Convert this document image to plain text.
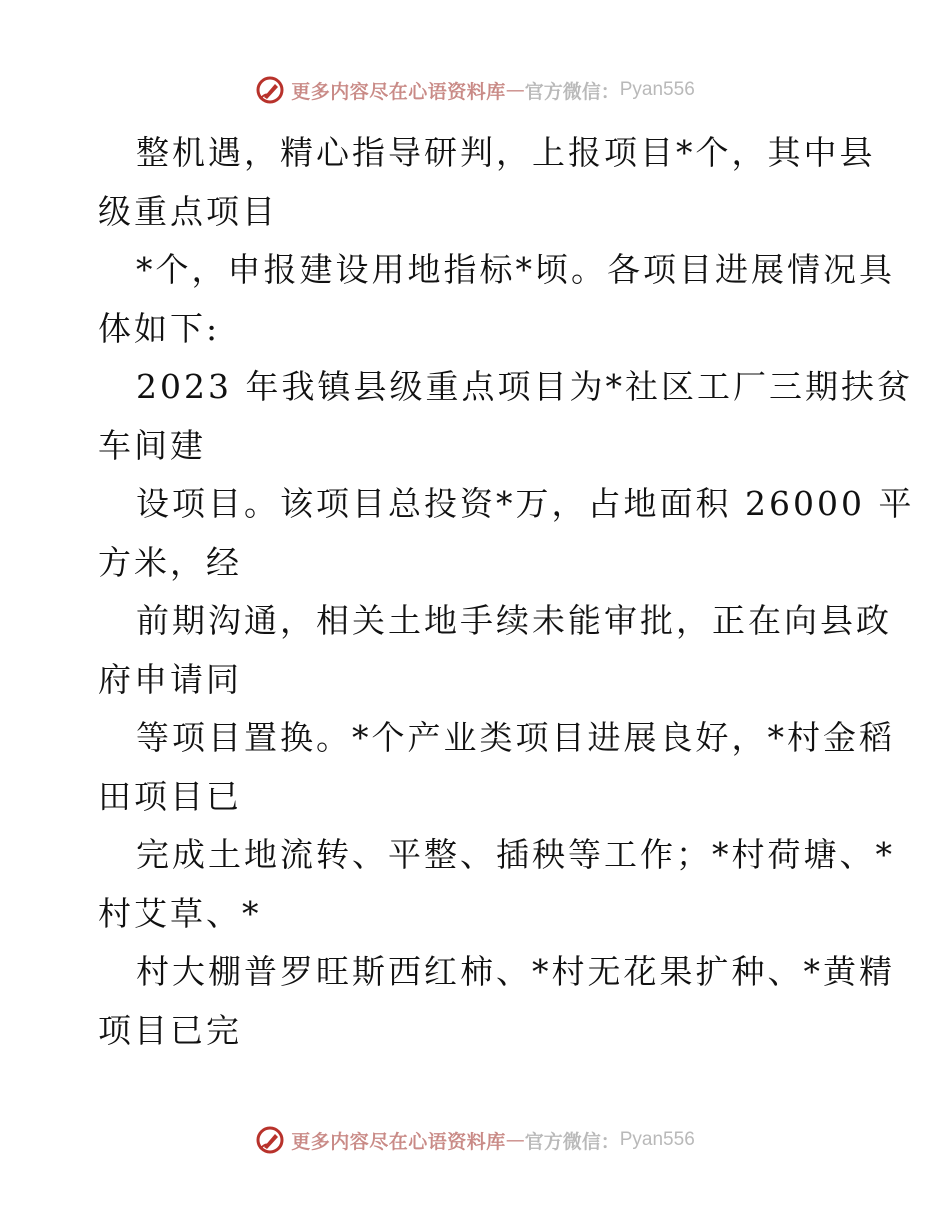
更多内容尽在心语资料库 — 官方微信： Pyan556
整机遇，精心指导研判，上报项目*个，其中县
级重点项目
*个，申报建设用地指标*顷。各项目进展情况具
体如下:
2023 年我镇县级重点项目为*社区工厂三期扶贫
车间建
设项目。该项目总投资*万，占地面积 26000 平
方米，经
前期沟通，相关土地手续未能审批，正在向县政
府申请同
等项目置换。*个产业类项目进展良好，*村金稻
田项目已
完成土地流转、平整、插秧等工作；*村荷塘、*
村艾草、*
村大棚普罗旺斯西红柿、*村无花果扩种、*黄精
项目已完
更多内容尽在心语资料库 — 官方微信： Pyan556
